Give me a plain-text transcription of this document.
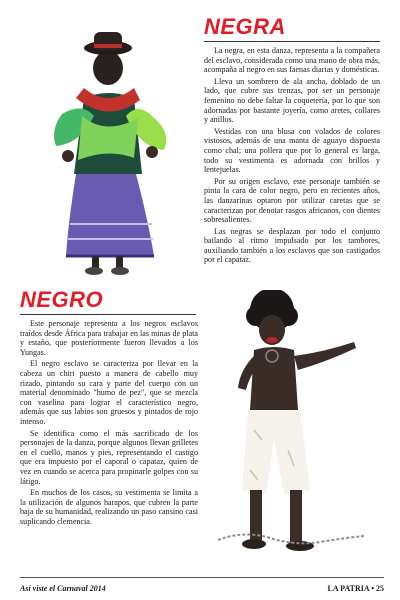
NEGRA

La negra, en esta danza, representa a la compañera del esclavo, considerada como una mano de obra más, acompaña al negro en sus faenas diarias y domésticas.

Lleva un sombrero de ala ancha, doblado de un lado, que cubre sus trenzas, por ser un personaje femenino no debe faltar la coquetería, por lo que son adornadas por bastante joyería, como aretes, collares y anillos.

Vestidas con una blusa con volados de colores vistosos, además de una manta de aguayo dispuesta como chal; una pollera que por lo general es larga, todo su vestimenta es adornada con brillos y lentejuelas.

Por su origen esclavo, este personaje también se pinta la cara de color negro, pero en recientes años, las danzarinas optaron por utilizar caretas que se caracterizan por denotar rasgos africanos, con dientes sobresalientes.

Las negras se desplazan por todo el conjunto bailando al ritmo impulsado por los tambores, auxiliando también a los esclavos que son castigados por el capataz.

NEGRO

Este personaje representa a los negros esclavos traídos desde África para trabajar en las minas de plata y estaño, que posteriormente fueron llevados a los Yungas.

El negro esclavo se caracteriza por llevar en la cabeza un chiri puesto a manera de cabello muy rizado, pintando su cara y parte del cuerpo con un material denominado "humo de pez", que se mezcla con vaselina para lograr el característico negro, además que sus labios son gruesos y pintados de rojo intenso.

Se identifica como el más sacrificado de los personajes de la danza, porque algunos llevan grilletes en el cuello, manos y pies, representando el castigo que era impuesto por el caporal o capataz, quien de vez en cuando se acerca para propinarle golpes con su látigo.

En muchos de los casos, su vestimenta se limita a la utilización de algunos harapos, que cubren la parte baja de su humanidad, realizando un paso cansino casi suplicando clemencia.

Así viste el Carnaval 2014	LA PATRIA • 25
